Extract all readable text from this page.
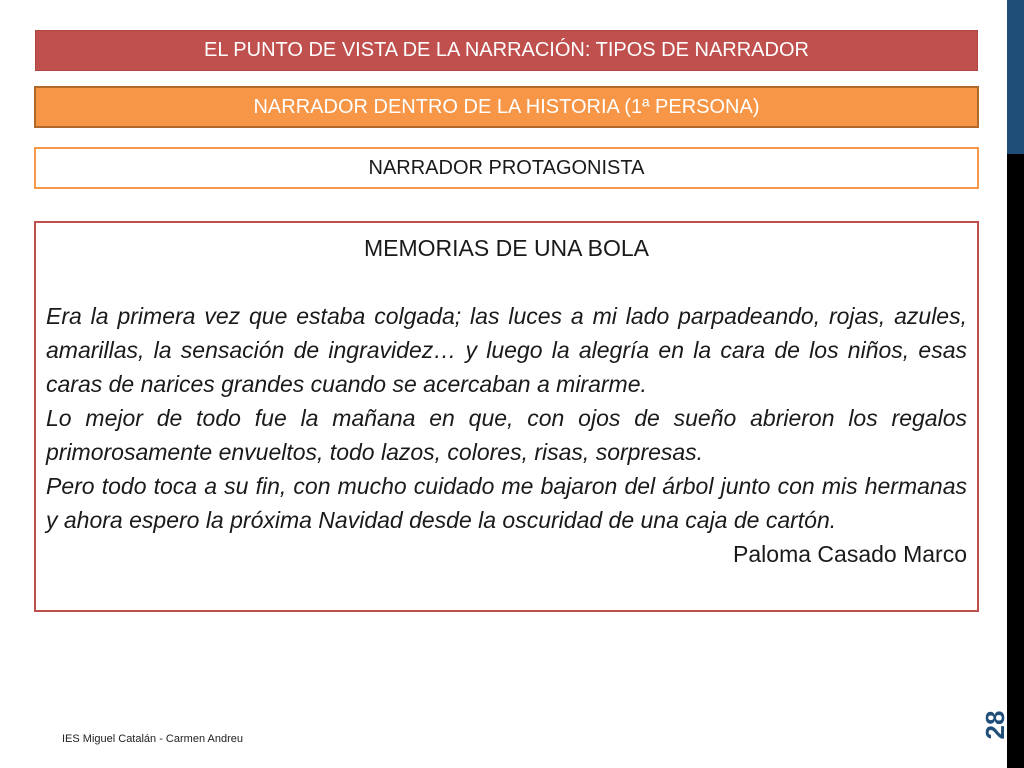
EL PUNTO DE VISTA DE LA NARRACIÓN: TIPOS DE NARRADOR
NARRADOR DENTRO DE LA HISTORIA (1ª PERSONA)
NARRADOR PROTAGONISTA

MEMORIAS DE UNA BOLA

Era la primera vez que estaba colgada; las luces a mi lado parpadeando, rojas, azules, amarillas, la sensación de ingravidez… y luego la alegría en la cara de los niños, esas caras de narices grandes cuando se acercaban a mirarme.

Lo mejor de todo fue la mañana en que, con ojos de sueño abrieron los regalos primorosamente envueltos, todo lazos, colores, risas, sorpresas.

Pero todo toca a su fin, con mucho cuidado me bajaron del árbol junto con mis hermanas y ahora espero la próxima Navidad desde la oscuridad de una caja de cartón.

Paloma Casado Marco

IES Miguel Catalán - Carmen Andreu	28
